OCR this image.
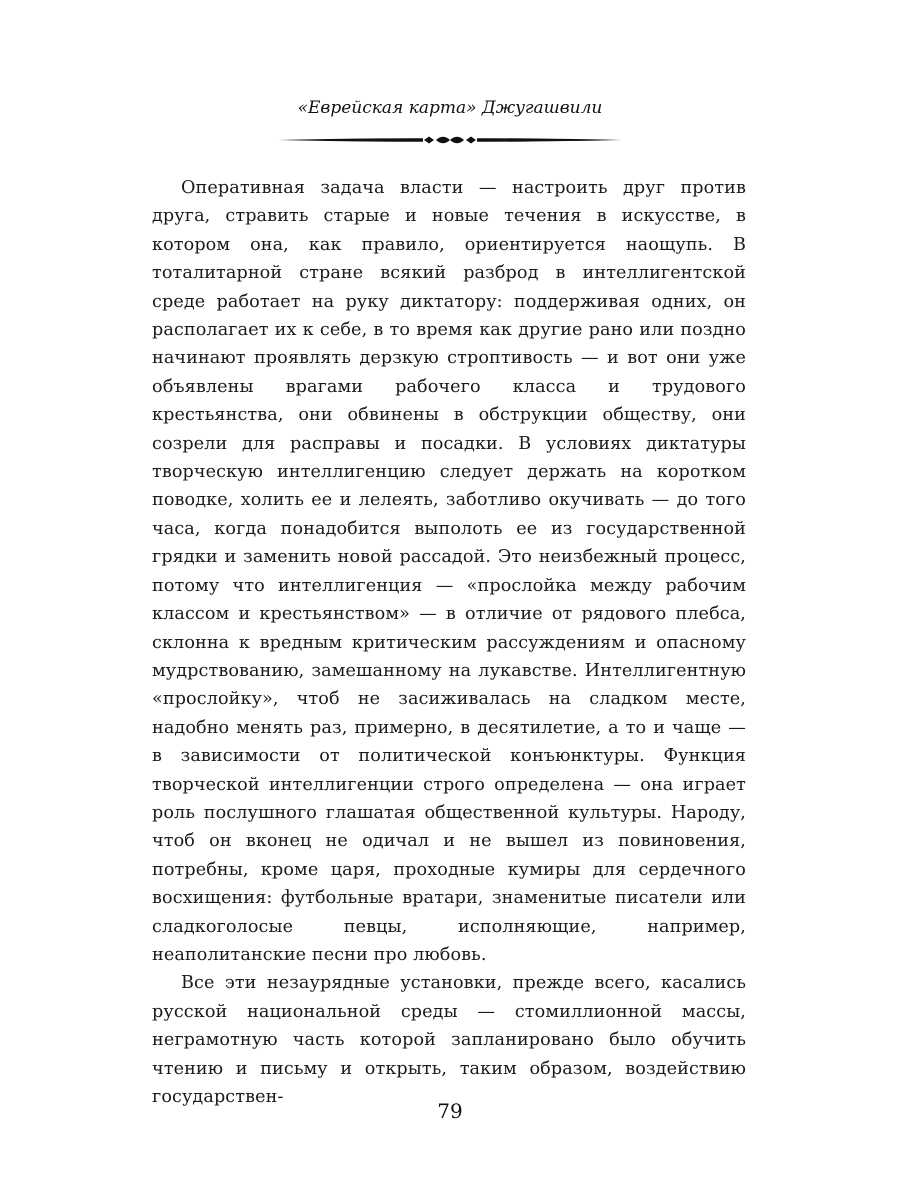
«Еврейская карта» Джугашвили

Оперативная задача власти — настроить друг против друга, стравить старые и новые течения в искусстве, в котором она, как правило, ориентируется наощупь. В тоталитарной стране всякий разброд в интеллигентской среде работает на руку диктатору: поддерживая одних, он располагает их к себе, в то время как другие рано или поздно начинают проявлять дерзкую строптивость — и вот они уже объявлены врагами рабочего класса и трудового крестьянства, они обвинены в обструкции обществу, они созрели для расправы и посадки. В условиях диктатуры творческую интеллигенцию следует держать на коротком поводке, холить ее и лелеять, заботливо окучивать — до того часа, когда понадобится выполоть ее из государственной грядки и заменить новой рассадой. Это неизбежный процесс, потому что интеллигенция — «прослойка между рабочим классом и крестьянством» — в отличие от рядового плебса, склонна к вредным критическим рассуждениям и опасному мудрствованию, замешанному на лукавстве. Интеллигентную «прослойку», чтоб не засиживалась на сладком месте, надобно менять раз, примерно, в десятилетие, а то и чаще — в зависимости от политической конъюнктуры. Функция творческой интеллигенции строго определена — она играет роль послушного глашатая общественной культуры. Народу, чтоб он вконец не одичал и не вышел из повиновения, потребны, кроме царя, проходные кумиры для сердечного восхищения: футбольные вратари, знаменитые писатели или сладкоголосые певцы, исполняющие, например, неаполитанские песни про любовь.

Все эти незаурядные установки, прежде всего, касались русской национальной среды — стомиллионной массы, неграмотную часть которой запланировано было обучить чтению и письму и открыть, таким образом, воздействию государствен-

79
